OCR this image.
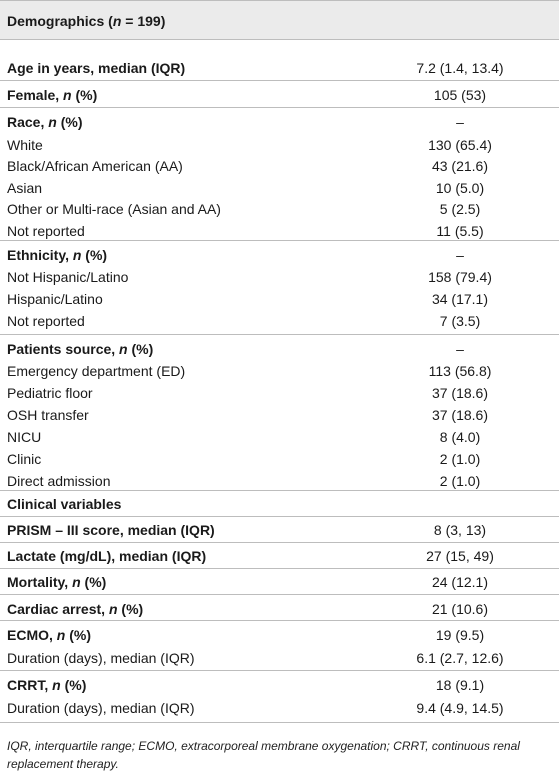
Demographics (n = 199)
Age in years, median (IQR)	7.2 (1.4, 13.4)
Female, n (%)	105 (53)
Race, n (%)	–
White	130 (65.4)
Black/African American (AA)	43 (21.6)
Asian	10 (5.0)
Other or Multi-race (Asian and AA)	5 (2.5)
Not reported	11 (5.5)
Ethnicity, n (%)	–
Not Hispanic/Latino	158 (79.4)
Hispanic/Latino	34 (17.1)
Not reported	7 (3.5)
Patients source, n (%)	–
Emergency department (ED)	113 (56.8)
Pediatric floor	37 (18.6)
OSH transfer	37 (18.6)
NICU	8 (4.0)
Clinic	2 (1.0)
Direct admission	2 (1.0)
Clinical variables
PRISM – III score, median (IQR)	8 (3, 13)
Lactate (mg/dL), median (IQR)	27 (15, 49)
Mortality, n (%)	24 (12.1)
Cardiac arrest, n (%)	21 (10.6)
ECMO, n (%)	19 (9.5)
Duration (days), median (IQR)	6.1 (2.7, 12.6)
CRRT, n (%)	18 (9.1)
Duration (days), median (IQR)	9.4 (4.9, 14.5)
IQR, interquartile range; ECMO, extracorporeal membrane oxygenation; CRRT, continuous renal replacement therapy.
